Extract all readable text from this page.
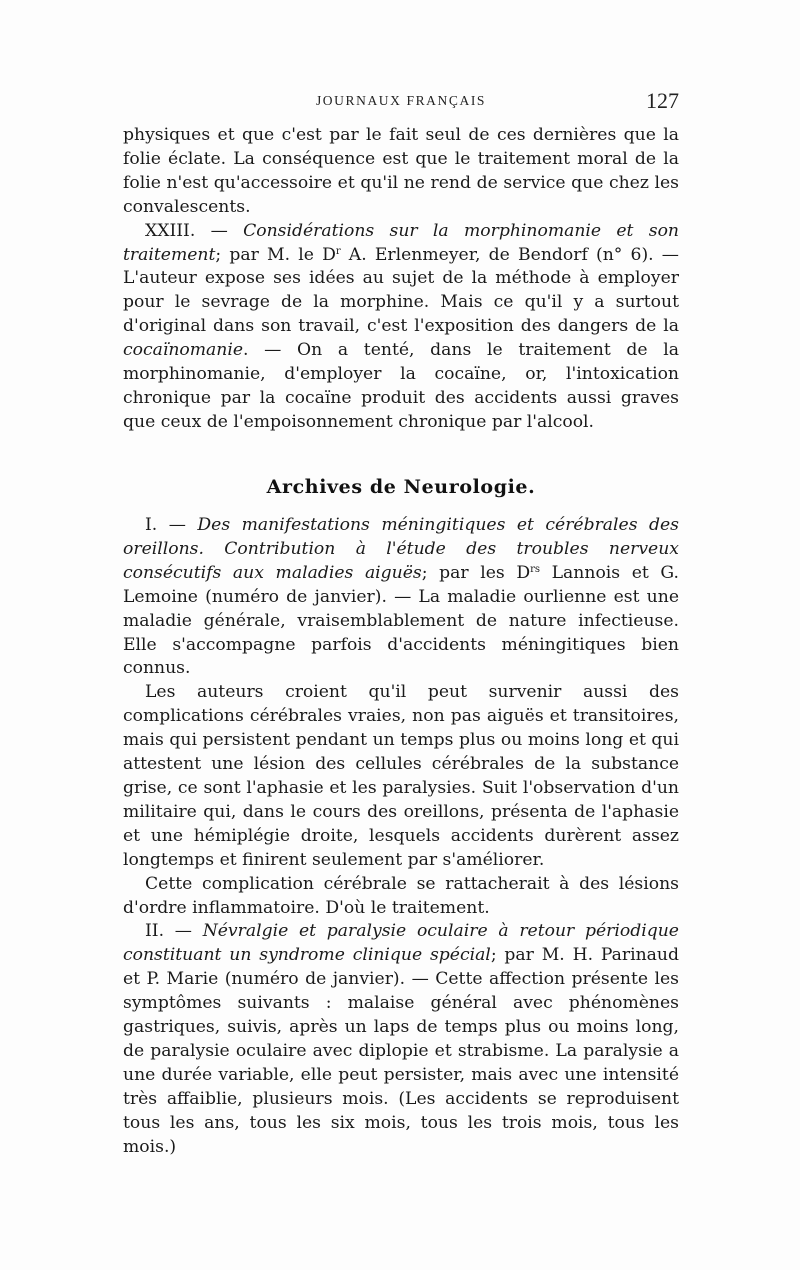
JOURNAUX FRANÇAIS	127

physiques et que c'est par le fait seul de ces dernières que la folie éclate. La conséquence est que le traitement moral de la folie n'est qu'accessoire et qu'il ne rend de service que chez les convalescents.

XXIII. — Considérations sur la morphinomanie et son traitement; par M. le $D^r$ A. Erlenmeyer, de Bendorf (n° 6). — L'auteur expose ses idées au sujet de la méthode à employer pour le sevrage de la morphine. Mais ce qu'il y a surtout d'original dans son travail, c'est l'exposition des dangers de la cocaïnomanie. — On a tenté, dans le traitement de la morphinomanie, d'employer la cocaïne, or, l'intoxication chronique par la cocaïne produit des accidents aussi graves que ceux de l'empoisonnement chronique par l'alcool.

Archives de Neurologie.

I. — Des manifestations méningitiques et cérébrales des oreillons. Contribution à l'étude des troubles nerveux consécutifs aux maladies aiguës; par les $D^{rs}$ Lannois et G. Lemoine (numéro de janvier). — La maladie ourlienne est une maladie générale, vraisemblablement de nature infectieuse. Elle s'accompagne parfois d'accidents méningitiques bien connus.

Les auteurs croient qu'il peut survenir aussi des complications cérébrales vraies, non pas aiguës et transitoires, mais qui persistent pendant un temps plus ou moins long et qui attestent une lésion des cellules cérébrales de la substance grise, ce sont l'aphasie et les paralysies. Suit l'observation d'un militaire qui, dans le cours des oreillons, présenta de l'aphasie et une hémiplégie droite, lesquels accidents durèrent assez longtemps et finirent seulement par s'améliorer.

Cette complication cérébrale se rattacherait à des lésions d'ordre inflammatoire. D'où le traitement.

II. — Névralgie et paralysie oculaire à retour périodique constituant un syndrome clinique spécial; par M. H. Parinaud et P. Marie (numéro de janvier). — Cette affection présente les symptômes suivants : malaise général avec phénomènes gastriques, suivis, après un laps de temps plus ou moins long, de paralysie oculaire avec diplopie et strabisme. La paralysie a une durée variable, elle peut persister, mais avec une intensité très affaiblie, plusieurs mois. (Les accidents se reproduisent tous les ans, tous les six mois, tous les trois mois, tous les mois.)
